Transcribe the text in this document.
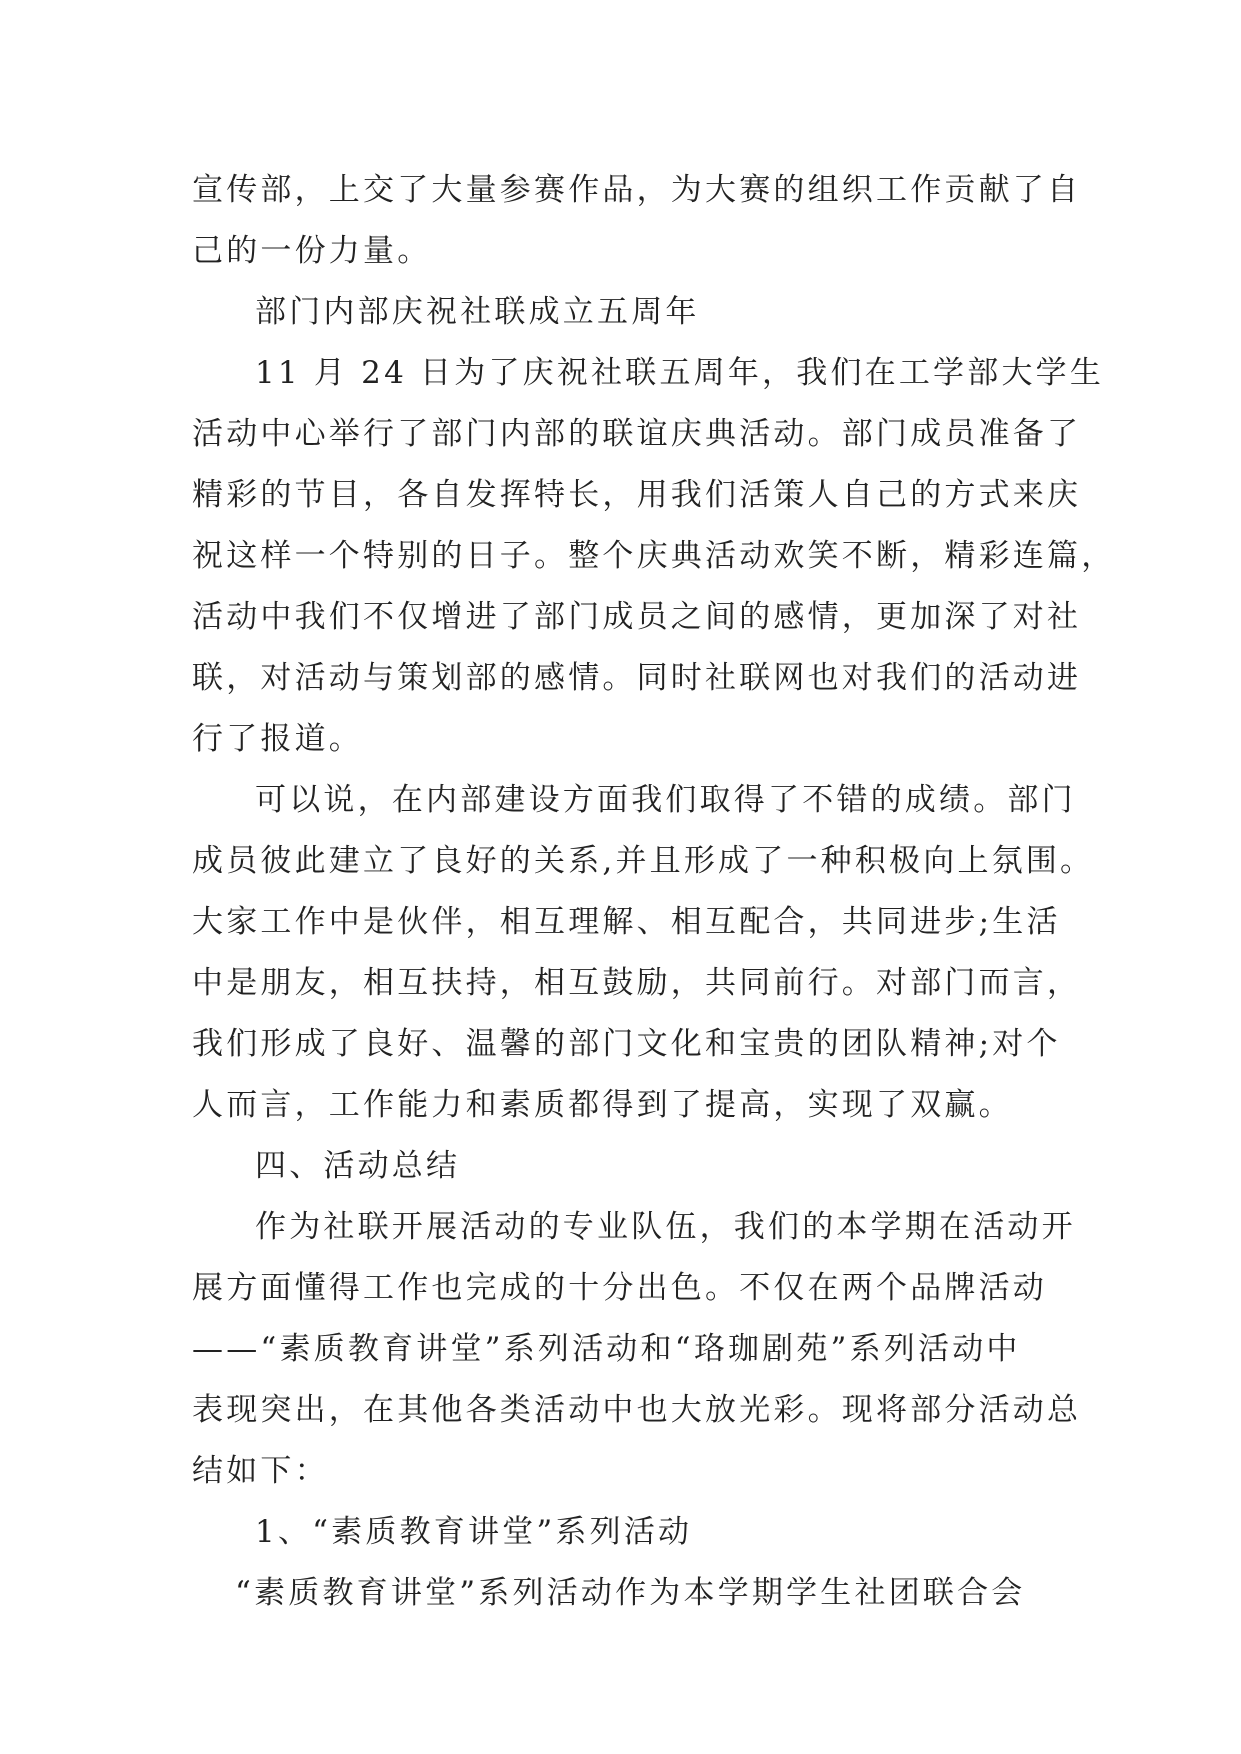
宣传部，上交了大量参赛作品，为大赛的组织工作贡献了自
己的一份力量。
部门内部庆祝社联成立五周年
11 月 24 日为了庆祝社联五周年，我们在工学部大学生
活动中心举行了部门内部的联谊庆典活动。部门成员准备了
精彩的节目，各自发挥特长，用我们活策人自己的方式来庆
祝这样一个特别的日子。整个庆典活动欢笑不断，精彩连篇，
活动中我们不仅增进了部门成员之间的感情，更加深了对社
联，对活动与策划部的感情。同时社联网也对我们的活动进
行了报道。
可以说，在内部建设方面我们取得了不错的成绩。部门
成员彼此建立了良好的关系,并且形成了一种积极向上氛围。
大家工作中是伙伴，相互理解、相互配合，共同进步;生活
中是朋友，相互扶持，相互鼓励，共同前行。对部门而言，
我们形成了良好、温馨的部门文化和宝贵的团队精神;对个
人而言，工作能力和素质都得到了提高，实现了双赢。
四、活动总结
作为社联开展活动的专业队伍，我们的本学期在活动开
展方面懂得工作也完成的十分出色。不仅在两个品牌活动
——“素质教育讲堂”系列活动和“珞珈剧苑”系列活动中
表现突出，在其他各类活动中也大放光彩。现将部分活动总
结如下：
1、“素质教育讲堂”系列活动
“素质教育讲堂”系列活动作为本学期学生社团联合会
